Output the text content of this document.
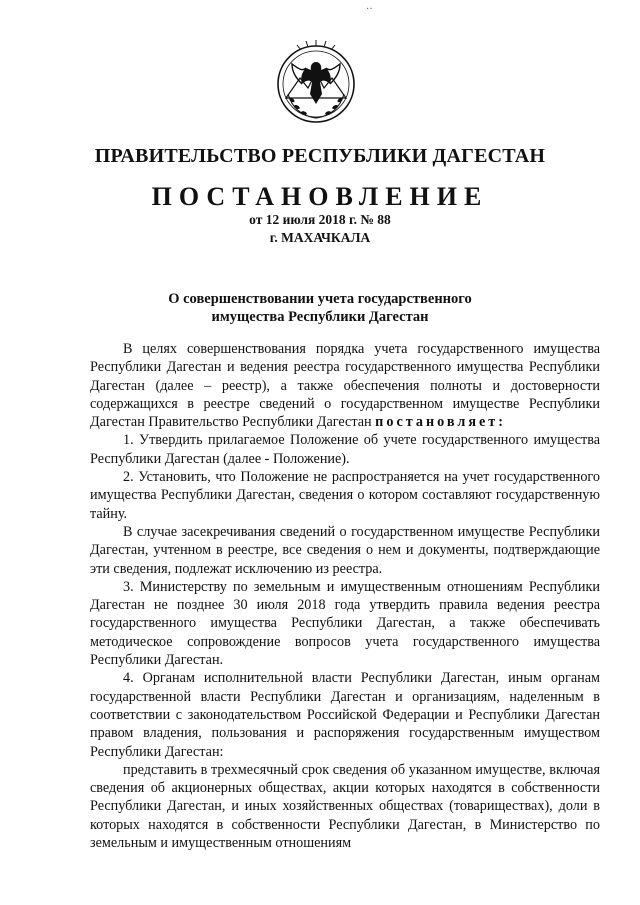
··
ПРАВИТЕЛЬСТВО РЕСПУБЛИКИ ДАГЕСТАН
ПОСТАНОВЛЕНИЕ
от 12 июля 2018 г. № 88
г. МАХАЧКАЛА
О совершенствовании учета государственного
имущества Республики Дагестан

В целях совершенствования порядка учета государственного имущества Республики Дагестан и ведения реестра государственного имущества Республики Дагестан (далее – реестр), а также обеспечения полноты и достоверности содержащихся в реестре сведений о государственном имуществе Республики Дагестан Правительство Республики Дагестан постановляет:

1. Утвердить прилагаемое Положение об учете государственного имущества Республики Дагестан (далее - Положение).

2. Установить, что Положение не распространяется на учет государственного имущества Республики Дагестан, сведения о котором составляют государственную тайну.

В случае засекречивания сведений о государственном имуществе Республики Дагестан, учтенном в реестре, все сведения о нем и документы, подтверждающие эти сведения, подлежат исключению из реестра.

3. Министерству по земельным и имущественным отношениям Республики Дагестан не позднее 30 июля 2018 года утвердить правила ведения реестра государственного имущества Республики Дагестан, а также обеспечивать методическое сопровождение вопросов учета государственного имущества Республики Дагестан.

4. Органам исполнительной власти Республики Дагестан, иным органам государственной власти Республики Дагестан и организациям, наделенным в соответствии с законодательством Российской Федерации и Республики Дагестан правом владения, пользования и распоряжения государственным имуществом Республики Дагестан:

представить в трехмесячный срок сведения об указанном имуществе, включая сведения об акционерных обществах, акции которых находятся в собственности Республики Дагестан, и иных хозяйственных обществах (товариществах), доли в которых находятся в собственности Республики Дагестан, в Министерство по земельным и имущественным отношениям
